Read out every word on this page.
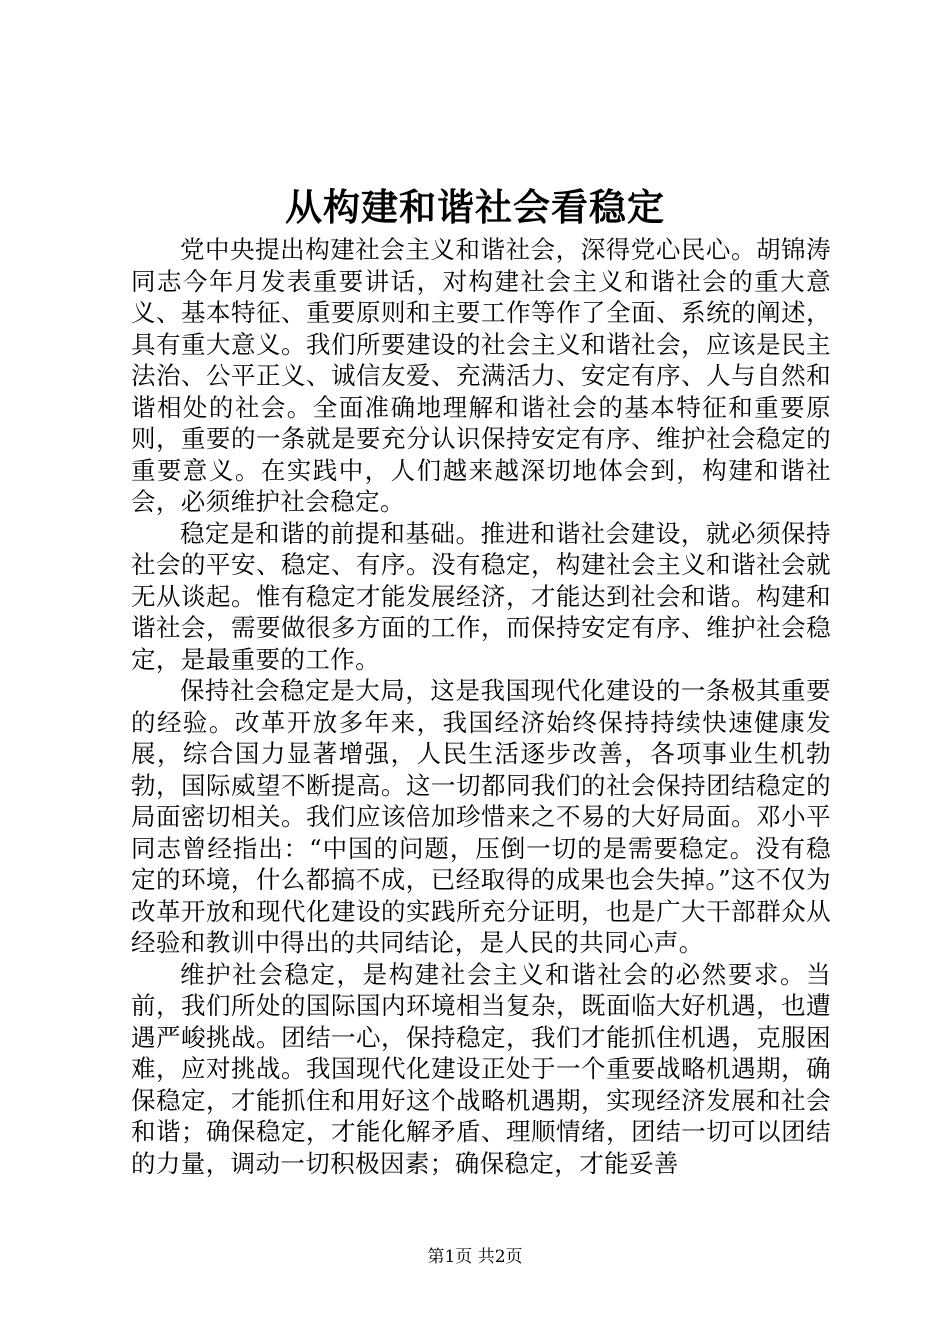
从构建和谐社会看稳定

党中央提出构建社会主义和谐社会，深得党心民心。胡锦涛同志今年月发表重要讲话，对构建社会主义和谐社会的重大意义、基本特征、重要原则和主要工作等作了全面、系统的阐述，具有重大意义。我们所要建设的社会主义和谐社会，应该是民主法治、公平正义、诚信友爱、充满活力、安定有序、人与自然和谐相处的社会。全面准确地理解和谐社会的基本特征和重要原则，重要的一条就是要充分认识保持安定有序、维护社会稳定的重要意义。在实践中，人们越来越深切地体会到，构建和谐社会，必须维护社会稳定。

稳定是和谐的前提和基础。推进和谐社会建设，就必须保持社会的平安、稳定、有序。没有稳定，构建社会主义和谐社会就无从谈起。惟有稳定才能发展经济，才能达到社会和谐。构建和谐社会，需要做很多方面的工作，而保持安定有序、维护社会稳定，是最重要的工作。

保持社会稳定是大局，这是我国现代化建设的一条极其重要的经验。改革开放多年来，我国经济始终保持持续快速健康发展，综合国力显著增强，人民生活逐步改善，各项事业生机勃勃，国际威望不断提高。这一切都同我们的社会保持团结稳定的局面密切相关。我们应该倍加珍惜来之不易的大好局面。邓小平同志曾经指出：“中国的问题，压倒一切的是需要稳定。没有稳定的环境，什么都搞不成，已经取得的成果也会失掉。”这不仅为改革开放和现代化建设的实践所充分证明，也是广大干部群众从经验和教训中得出的共同结论，是人民的共同心声。

维护社会稳定，是构建社会主义和谐社会的必然要求。当前，我们所处的国际国内环境相当复杂，既面临大好机遇，也遭遇严峻挑战。团结一心，保持稳定，我们才能抓住机遇，克服困难，应对挑战。我国现代化建设正处于一个重要战略机遇期，确保稳定，才能抓住和用好这个战略机遇期，实现经济发展和社会和谐；确保稳定，才能化解矛盾、理顺情绪，团结一切可以团结的力量，调动一切积极因素；确保稳定，才能妥善

第1页 共2页
